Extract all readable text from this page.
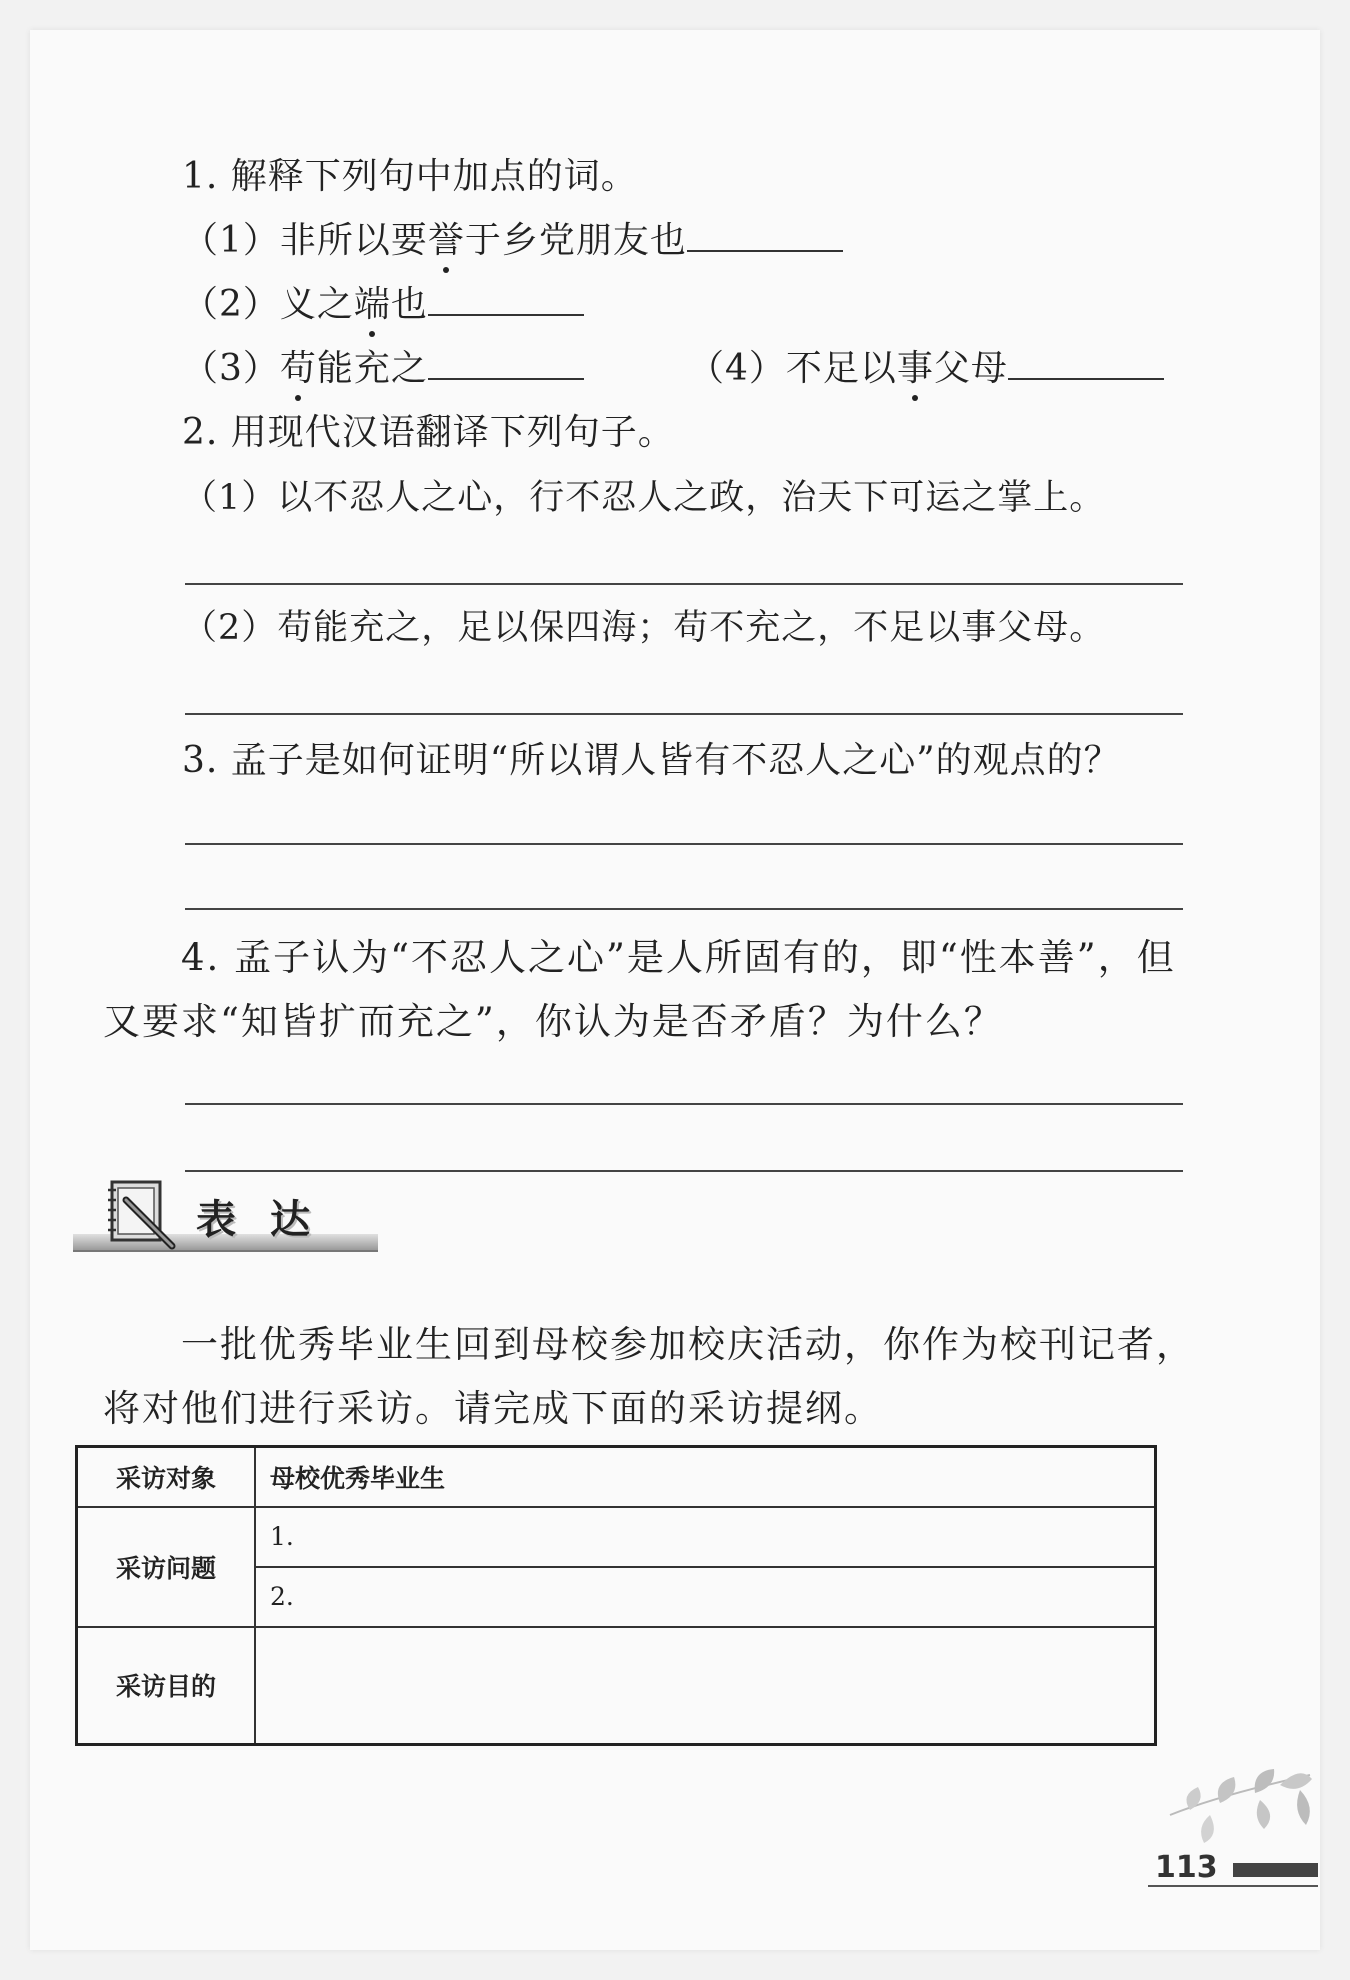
1. 解释下列句中加点的词。
（1）非所以要誉于乡党朋友也
（2）义之端也
（3）苟能充之	（4）不足以事父母
2. 用现代汉语翻译下列句子。
（1）以不忍人之心，行不忍人之政，治天下可运之掌上。
（2）苟能充之，足以保四海；苟不充之，不足以事父母。
3. 孟子是如何证明“所以谓人皆有不忍人之心”的观点的？
4. 孟子认为“不忍人之心”是人所固有的，即“性本善”，但又要求“知皆扩而充之”，你认为是否矛盾？为什么？
表达
一批优秀毕业生回到母校参加校庆活动，你作为校刊记者，将对他们进行采访。请完成下面的采访提纲。
采访对象	母校优秀毕业生
采访问题	1.
	2.
采访目的	
113
